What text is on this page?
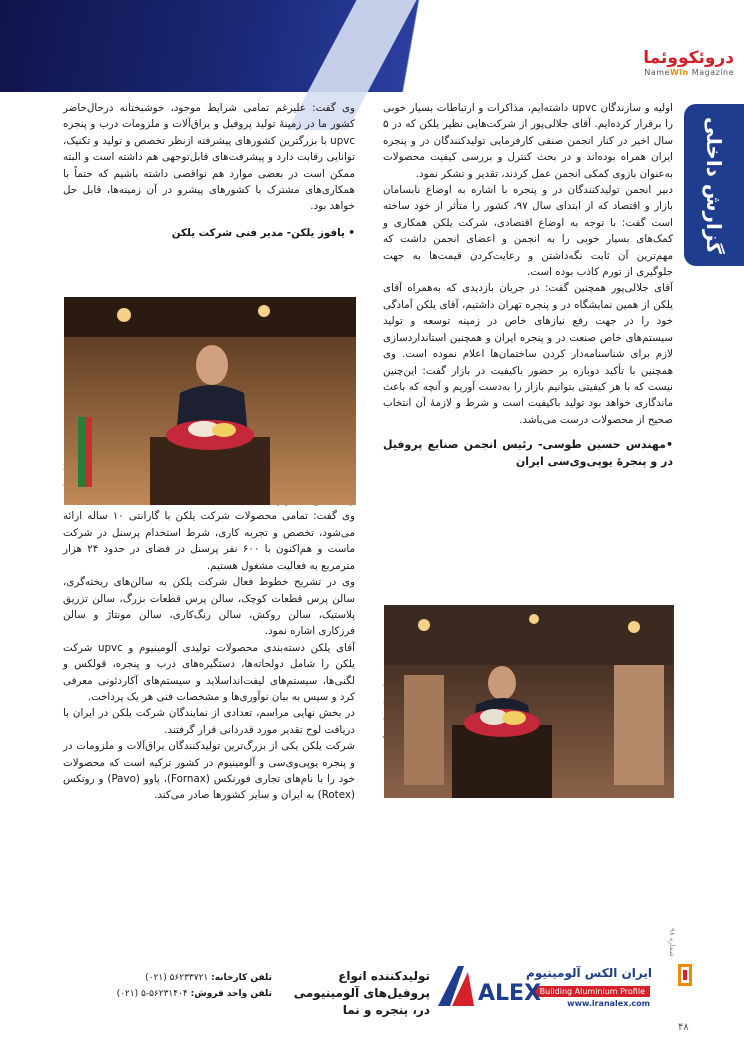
دروئكووئما
NameWin Magazine
گزارش داخلی

اولیه و سازندگان upvc داشته‌ایم، مذاکرات و ارتباطات بسیار خوبی را برقرار کرده‌ایم. آقای جلالی‌پور از شرکت‌هایی نظیر یلکن که در ۵ سال اخیر در کنار انجمن صنفی کارفرمایی تولیدکنندگان در و پنجره ایران همراه بوده‌اند و در بحث کنترل و بررسی کیفیت محصولات به‌عنوان بازوی کمکی انجمن عمل کردند، تقدیر و تشکر نمود.

دبیر انجمن تولیدکنندگان در و پنجره با اشاره به اوضاع نابسامان بازار و اقتصاد که از ابتدای سال ۹۷، کشور را متأثر از خود ساخته است گفت: با توجه به اوضاع اقتصادی، شرکت یلکن همکاری و کمک‌های بسیار خوبی را به انجمن و اعضای انجمن داشت که مهم‌ترین آن ثابت نگه‌داشتن و رعایت‌کردن قیمت‌ها به جهت جلوگیری از تورم کاذب بوده است.

آقای جلالی‌پور همچنین گفت: در جریان بازدیدی که به‌همراه آقای یلکن از همین نمایشگاه در و پنجره تهران داشتیم، آقای یلکن آمادگی خود را در جهت رفع نیازهای خاص در زمینه توسعه و تولید سیستم‌های خاص صنعت در و پنجره ایران و همچنین استانداردسازی لازم برای شناسنامه‌دار کردن ساختمان‌ها اعلام نموده است. وی همچنین با تأکید دوباره بر حضور باکیفیت در بازار گفت: این‌چنین نیست که با هر کیفیتی بتوانیم بازار را به‌دست آوریم و آنچه که باعث ماندگاری خواهد بود تولید باکیفیت است و شرط و لازمهٔ آن انتخاب صحیح از محصولات درست می‌باشد.

•مهندس حسین طوسی- رئیس انجمن صنایع پروفیل در و پنجرهٔ یوپی‌وی‌سی ایران

وی گفت: علیرغم تمامی شرایط موجود، خوشبختانه درحال‌حاضر کشور ما در زمینهٔ تولید پروفیل و یراق‌آلات و ملزومات درب و پنجره upvc با بزرگترین کشورهای پیشرفته ازنظر تخصص و تولید و تکنیک، توانایی رقابت دارد و پیشرفت‌های قابل‌توجهی هم داشته است و البته ممکن است در بعضی موارد هم نواقصی داشته باشیم که حتماً با همکاری‌های مشترک با کشورهای پیشرو در آن زمینه‌ها، قابل حل خواهد بود.

• یافوز یلکن- مدیر فنی شرکت یلکن

وی گفت: تمامی محصولات شرکت یلکن با گارانتی ۱۰ ساله ارائه می‌شود، تخصص و تجربه کاری، شرط استخدام پرسنل در شرکت ماست و هم‌اکنون با ۶۰۰ نفر پرسنل در فضای در حدود ۲۴ هزار مترمربع به فعالیت مشغول هستیم.

وی در تشریح خطوط فعال شرکت یلکن به سالن‌های ریخته‌گری، سالن پرس قطعات کوچک، سالن پرس قطعات بزرگ، سالن تزریق پلاستیک، سالن روکش، سالن رنگ‌کاری، سالن مونتاژ و سالن فرزکاری اشاره نمود.

آقای یلکن دسته‌بندی محصولات تولیدی آلومینیوم و upvc شرکت یلکن را شامل دولحاته‌ها، دستگیره‌های درب و پنجره، قولکس و لگنی‌ها، سیستم‌های لیفت‌اند‌اسلاید و سیستم‌های آکاردئونی معرفی کرد و سپس به بیان نوآوری‌ها و مشخصات فنی هر یک پرداخت.

در بخش نهایی مراسم، تعدادی از نمایندگان شرکت یلکن در ایران با دریافت لوح تقدیر مورد قدردانی قرار گرفتند.

شرکت یلکن یکی از بزرگ‌ترین تولیدکنندگان یراق‌آلات و ملزومات در و پنجره یوپی‌وی‌سی و آلومینیوم در کشور ترکیه است که محصولات خود را با نام‌های تجاری فورنکس (Fornax)، پاوو (Pavo) و روتکس (Rotex) به ایران و سایر کشورها صادر می‌کند.

شماره ۹۸
۴۸
ایران الکس آلومینیوم
Building Aluminium Profile
www.iranalex.com
ALEX
تولیدکننده انواع پروفیل‌های آلومینیومی در، پنجره و نما
تلفن کارخانه: ۵۶۲۳۳۷۲۱ (۰۲۱)
تلفن واحد فروش: ۵۶۲۳۱۴۰۴-۵ (۰۲۱)
